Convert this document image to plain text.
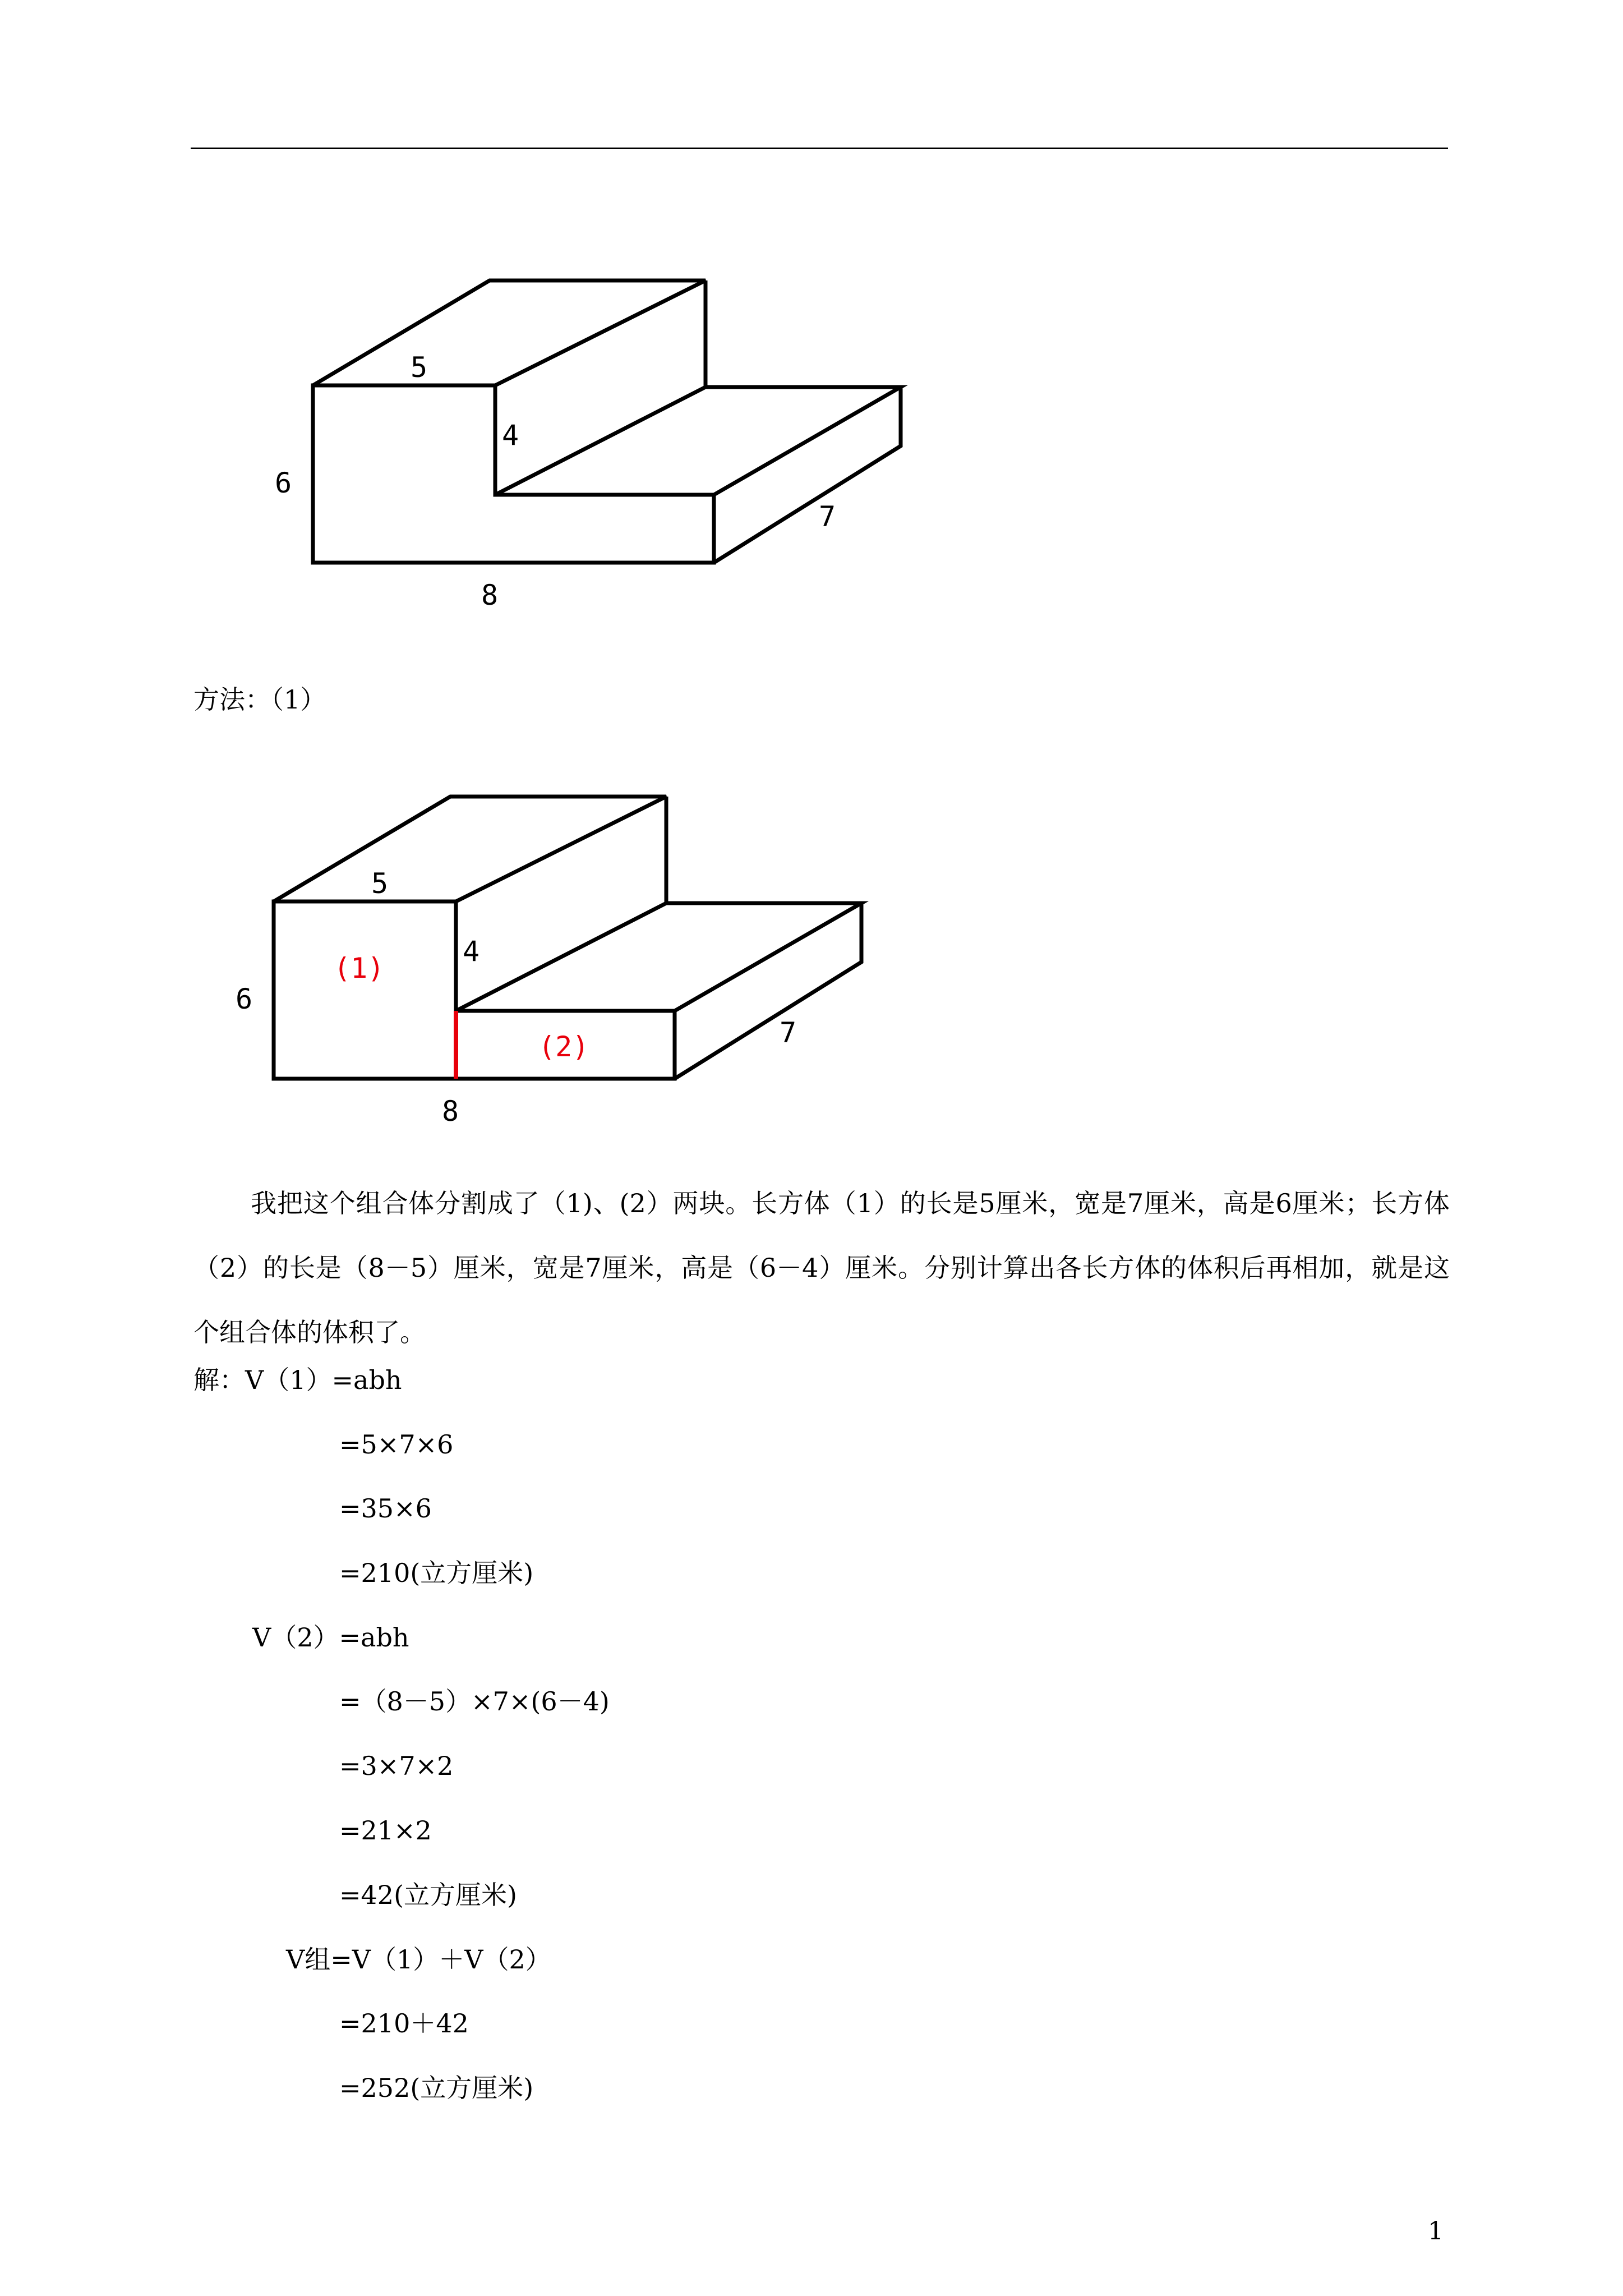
5
4
6
8
7
方法：（1）
5
4
6
8
7
(1)
(2)

我把这个组合体分割成了（1)、(2）两块。长方体（1）的长是5厘米，宽是7厘米，高是6厘米；长方体（2）的长是（8－5）厘米，宽是7厘米，高是（6－4）厘米。分别计算出各长方体的体积后再相加，就是这个组合体的体积了。

解：V（1）=abh
=5×7×6
=35×6
=210(立方厘米)
V（2）=abh
=（8－5）×7×(6－4)
=3×7×2
=21×2
=42(立方厘米)
V组=V（1）＋V（2）
=210＋42
=252(立方厘米)
1
